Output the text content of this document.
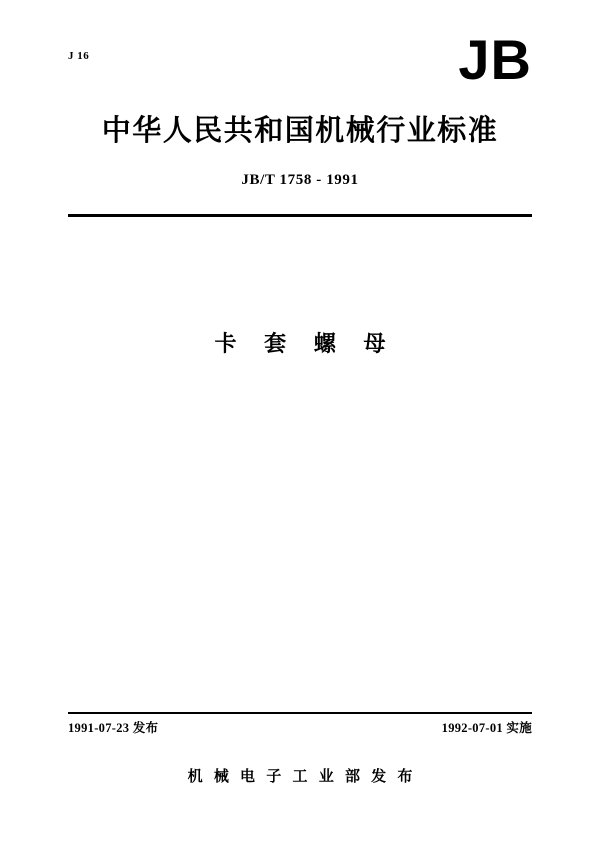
J 16	JB
中华人民共和国机械行业标准
JB/T 1758 - 1991
卡 套 螺 母
1991-07-23 发布	1992-07-01 实施
机 械 电 子 工 业 部 发 布
